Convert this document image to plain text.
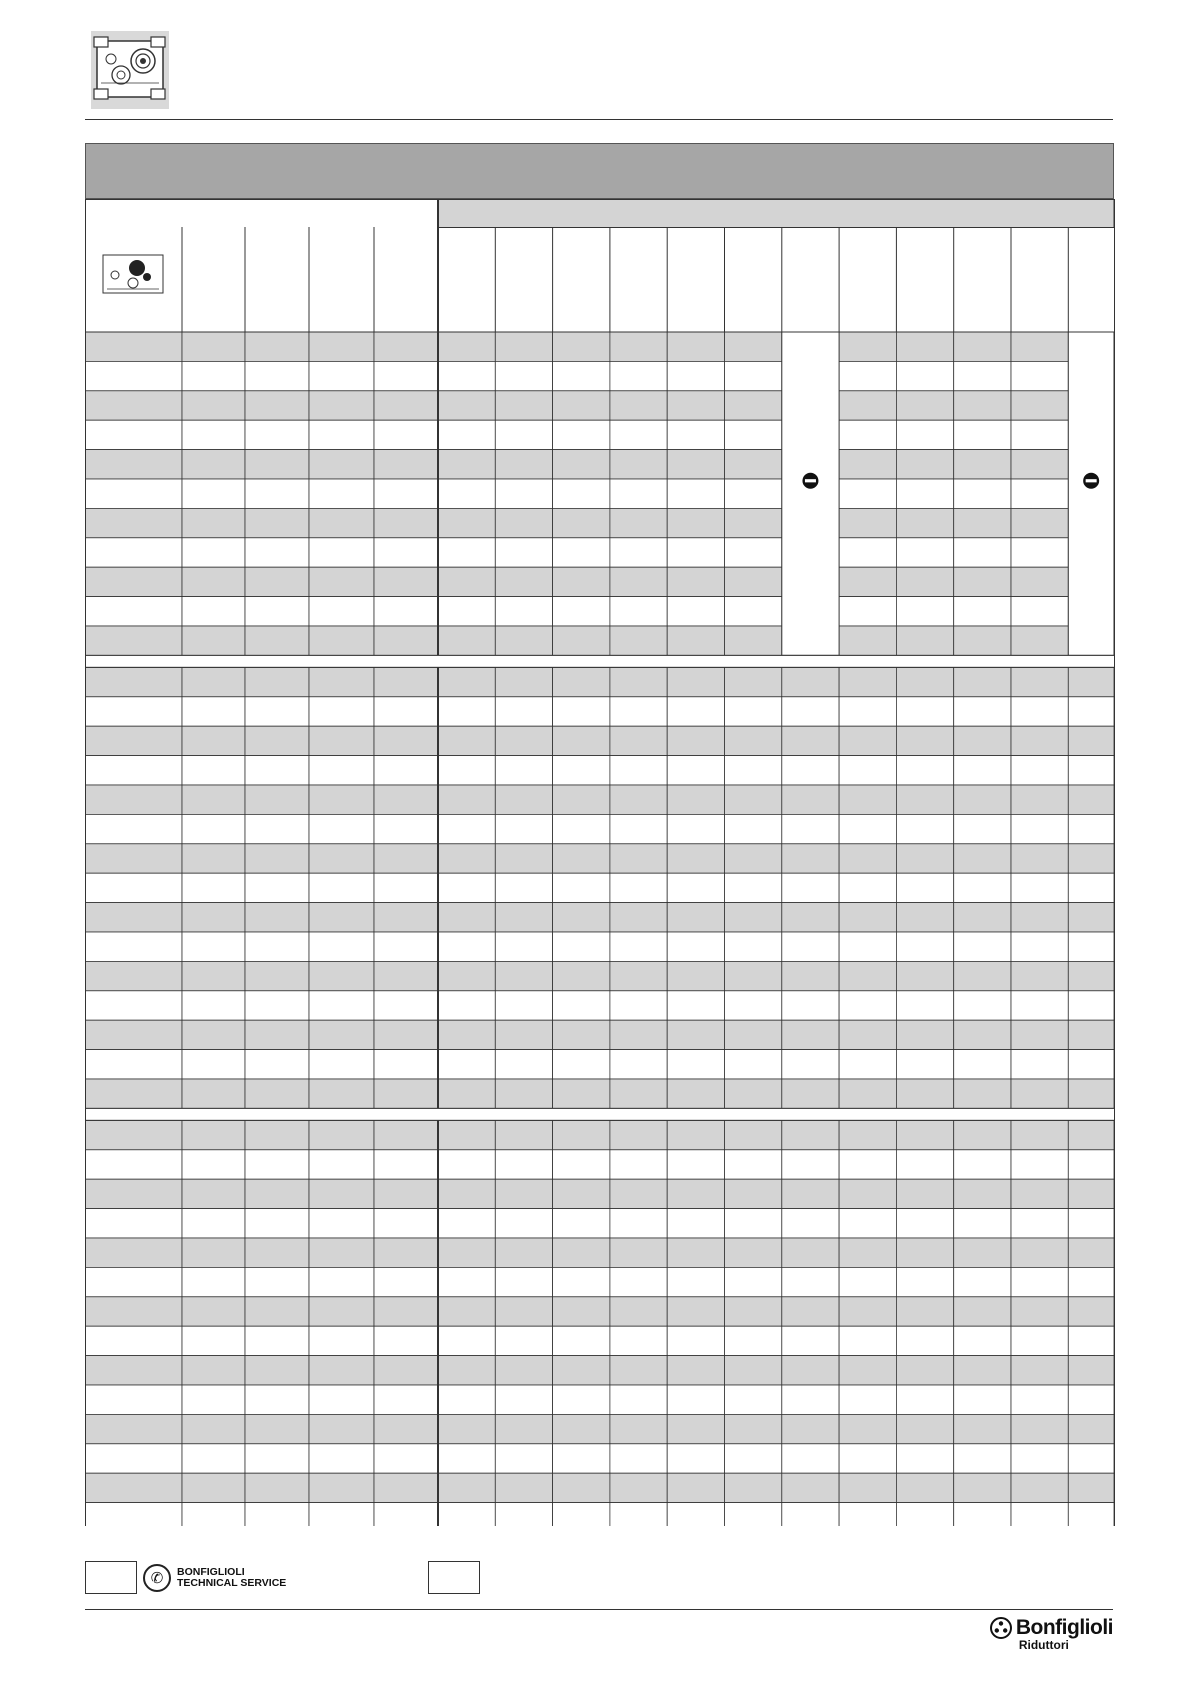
✆	BONFIGLIOLI
TECHNICAL SERVICE
Bonfiglioli
Riduttori
